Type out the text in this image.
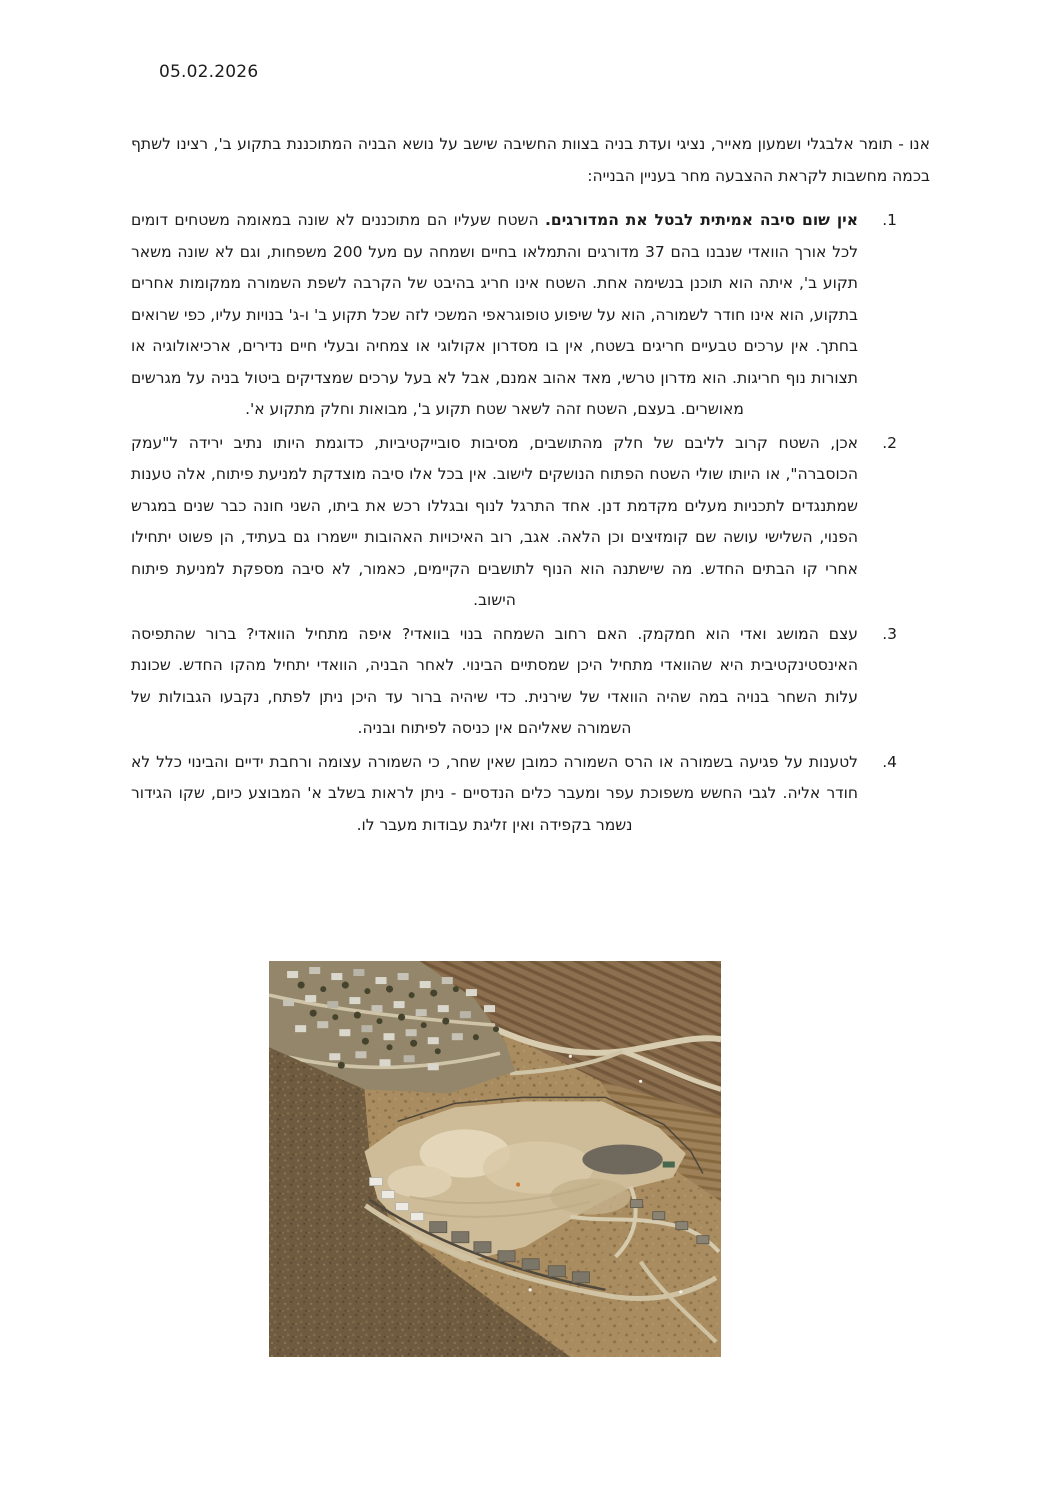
05.02.2026

אנו - תומר אלבגלי ושמעון מאייר, נציגי ועדת בניה בצוות החשיבה שישב על נושא הבניה המתוכננת בתקוע ב', רצינו לשתף בכמה מחשבות לקראת ההצבעה מחר בעניין הבנייה:

1.
אין שום סיבה אמיתית לבטל את המדורגים. השטח שעליו הם מתוכננים לא שונה במאומה משטחים דומים לכל אורך הוואדי שנבנו בהם 37 מדורגים והתמלאו בחיים ושמחה עם מעל 200 משפחות, וגם לא שונה משאר תקוע ב', איתה הוא תוכנן בנשימה אחת. השטח אינו חריג בהיבט של הקרבה לשפת השמורה ממקומות אחרים בתקוע, הוא אינו חודר לשמורה, הוא על שיפוע טופוגראפי המשכי לזה שכל תקוע ב' ו-ג' בנויות עליו, כפי שרואים בחתך. אין ערכים טבעיים חריגים בשטח, אין בו מסדרון אקולוגי או צמחיה ובעלי חיים נדירים, ארכיאולוגיה או תצורות נוף חריגות. הוא מדרון טרשי, מאד אהוב אמנם, אבל לא בעל ערכים שמצדיקים ביטול בניה על מגרשים מאושרים. בעצם, השטח זהה לשאר שטח תקוע ב', מבואות וחלק מתקוע א'.
2.
אכן, השטח קרוב לליבם של חלק מהתושבים, מסיבות סובייקטיביות, כדוגמת היותו נתיב ירידה ל"עמק הכוסברה", או היותו שולי השטח הפתוח הנושקים לישוב. אין בכל אלו סיבה מוצדקת למניעת פיתוח, אלה טענות שמתנגדים לתכניות מעלים מקדמת דנן. אחד התרגל לנוף ובגללו רכש את ביתו, השני חונה כבר שנים במגרש הפנוי, השלישי עושה שם קומזיצים וכן הלאה. אגב, רוב האיכויות האהובות יישמרו גם בעתיד, הן פשוט יתחילו אחרי קו הבתים החדש. מה שישתנה הוא הנוף לתושבים הקיימים, כאמור, לא סיבה מספקת למניעת פיתוח הישוב.
3.
עצם המושג ואדי הוא חמקמק. האם רחוב השמחה בנוי בוואדי? איפה מתחיל הוואדי? ברור שהתפיסה האינסטינקטיבית היא שהוואדי מתחיל היכן שמסתיים הבינוי. לאחר הבניה, הוואדי יתחיל מהקו החדש. שכונת עלות השחר בנויה במה שהיה הוואדי של שירנית. כדי שיהיה ברור עד היכן ניתן לפתח, נקבעו הגבולות של השמורה שאליהם אין כניסה לפיתוח ובניה.
4.
לטענות על פגיעה בשמורה או הרס השמורה כמובן שאין שחר, כי השמורה עצומה ורחבת ידיים והבינוי כלל לא חודר אליה. לגבי החשש משפוכת עפר ומעבר כלים הנדסיים - ניתן לראות בשלב א' המבוצע כיום, שקו הגידור נשמר בקפידה ואין זליגת עבודות מעבר לו.
